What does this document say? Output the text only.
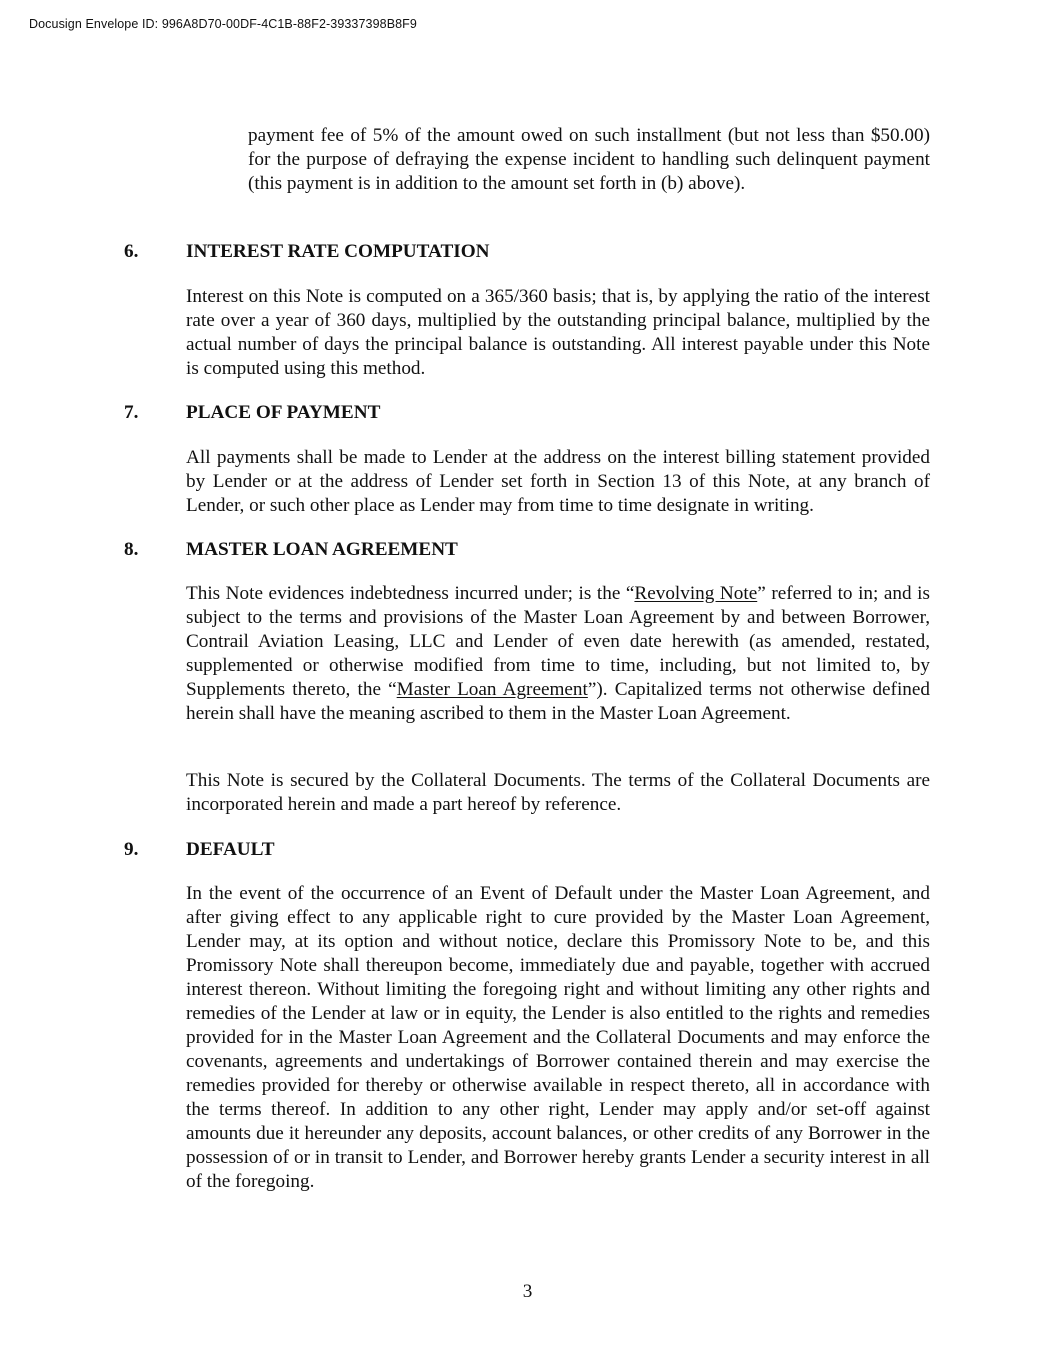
Docusign Envelope ID: 996A8D70-00DF-4C1B-88F2-39337398B8F9

payment fee of 5% of the amount owed on such installment (but not less than $50.00) for the purpose of defraying the expense incident to handling such delinquent payment (this payment is in addition to the amount set forth in (b) above).

6. INTEREST RATE COMPUTATION

Interest on this Note is computed on a 365/360 basis; that is, by applying the ratio of the interest rate over a year of 360 days, multiplied by the outstanding principal balance, multiplied by the actual number of days the principal balance is outstanding. All interest payable under this Note is computed using this method.

7. PLACE OF PAYMENT

All payments shall be made to Lender at the address on the interest billing statement provided by Lender or at the address of Lender set forth in Section 13 of this Note, at any branch of Lender, or such other place as Lender may from time to time designate in writing.

8. MASTER LOAN AGREEMENT

This Note evidences indebtedness incurred under; is the “Revolving Note” referred to in; and is subject to the terms and provisions of the Master Loan Agreement by and between Borrower, Contrail Aviation Leasing, LLC and Lender of even date herewith (as amended, restated, supplemented or otherwise modified from time to time, including, but not limited to, by Supplements thereto, the “Master Loan Agreement”). Capitalized terms not otherwise defined herein shall have the meaning ascribed to them in the Master Loan Agreement.

This Note is secured by the Collateral Documents. The terms of the Collateral Documents are incorporated herein and made a part hereof by reference.

9. DEFAULT

In the event of the occurrence of an Event of Default under the Master Loan Agreement, and after giving effect to any applicable right to cure provided by the Master Loan Agreement, Lender may, at its option and without notice, declare this Promissory Note to be, and this Promissory Note shall thereupon become, immediately due and payable, together with accrued interest thereon. Without limiting the foregoing right and without limiting any other rights and remedies of the Lender at law or in equity, the Lender is also entitled to the rights and remedies provided for in the Master Loan Agreement and the Collateral Documents and may enforce the covenants, agreements and undertakings of Borrower contained therein and may exercise the remedies provided for thereby or otherwise available in respect thereto, all in accordance with the terms thereof. In addition to any other right, Lender may apply and/or set-off against amounts due it hereunder any deposits, account balances, or other credits of any Borrower in the possession of or in transit to Lender, and Borrower hereby grants Lender a security interest in all of the foregoing.

3
